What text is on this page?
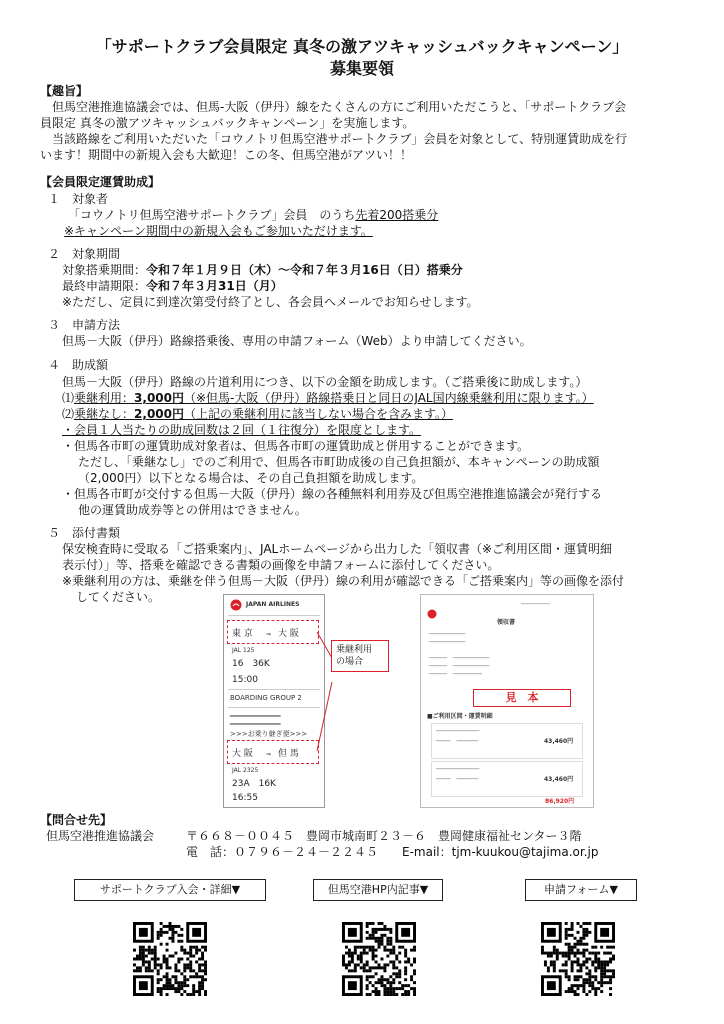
「サポートクラブ会員限定 真冬の激アツキャッシュバックキャンペーン」
募集要領
【趣旨】
　但馬空港推進協議会では、但馬-大阪（伊丹）線をたくさんの方にご利用いただこうと、「サポートクラブ会
員限定 真冬の激アツキャッシュバックキャンペーン」を実施します。
　当該路線をご利用いただいた「コウノトリ但馬空港サポートクラブ」会員を対象として、特別運賃助成を行
います！期間中の新規入会も大歓迎！この冬、但馬空港がアツい！！
【会員限定運賃助成】
１　対象者
「コウノトリ但馬空港サポートクラブ」会員　のうち先着200搭乗分
※キャンペーン期間中の新規入会もご参加いただけます。
２　対象期間
対象搭乗期間：令和７年１月９日（木）～令和７年３月16日（日）搭乗分
最終申請期限：令和７年３月31日（月）
※ただし、定員に到達次第受付終了とし、各会員へメールでお知らせします。
３　申請方法
但馬－大阪（伊丹）路線搭乗後、専用の申請フォーム（Web）より申請してください。
４　助成額
但馬－大阪（伊丹）路線の片道利用につき、以下の金額を助成します。（ご搭乗後に助成します。）
⑴乗継利用：3,000円（※但馬-大阪（伊丹）路線搭乗日と同日のJAL国内線乗継利用に限ります。）
⑵乗継なし：2,000円（上記の乗継利用に該当しない場合を含みます。）
・会員１人当たりの助成回数は２回（１往復分）を限度とします。
・但馬各市町の運賃助成対象者は、但馬各市町の運賃助成と併用することができます。
ただし、「乗継なし」でのご利用で、但馬各市町助成後の自己負担額が、本キャンペーンの助成額
（2,000円）以下となる場合は、その自己負担額を助成します。
・但馬各市町が交付する但馬－大阪（伊丹）線の各種無料利用券及び但馬空港推進協議会が発行する
他の運賃助成券等との併用はできません。
５　添付書類
保安検査時に受取る「ご搭乗案内」、JALホームページから出力した「領収書（※ご利用区間・運賃明細
表示付）」等、搭乗を確認できる書類の画像を申請フォームに添付してください。
※乗継利用の方は、乗継を伴う但馬－大阪（伊丹）線の利用が確認できる「ご搭乗案内」等の画像を添付
してください。
JAPAN AIRLINES
東 京 ⇒ 大 阪
JAL 125
16　36K
15:00
BOARDING GROUP 2
━━━━━━━━━━━━━━
━━━━━━━━━━━━━━
>>>お乗り継ぎ便>>>
大 阪 ⇒ 但 馬
JAL 2325
23A　16K
16:55
乗継利用
の場合
領収書
────────
──────────
──────────
─────　──────────
─────　──────────
─────　────────
見　本
■ご利用区間・運賃明細
────────────
────　──────	43,460円
────────────
────　──────	43,460円
86,920円
【問合せ先】
但馬空港推進協議会	〒６６８－００４５　豊岡市城南町２３－６　豊岡健康福祉センター３階
電　話：０７９６－２４－２２４５ E-mail：tjm-kuukou@tajima.or.jp
サポートクラブ入会・詳細▼	但馬空港HP内記事▼	申請フォーム▼
